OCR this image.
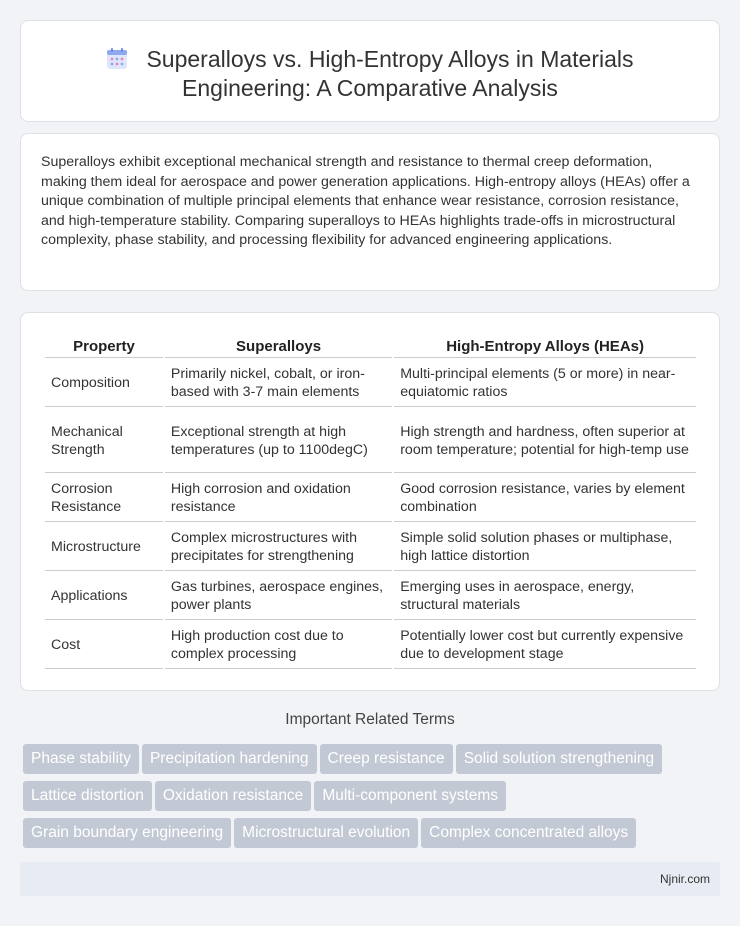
Superalloys vs. High-Entropy Alloys in Materials
Engineering: A Comparative Analysis

Superalloys exhibit exceptional mechanical strength and resistance to thermal creep deformation, making them ideal for aerospace and power generation applications. High-entropy alloys (HEAs) offer a unique combination of multiple principal elements that enhance wear resistance, corrosion resistance, and high-temperature stability. Comparing superalloys to HEAs highlights trade-offs in microstructural complexity, phase stability, and processing flexibility for advanced engineering applications.

Property	Superalloys	High-Entropy Alloys (HEAs)
Composition	Primarily nickel, cobalt, or iron-based with 3-7 main elements	Multi-principal elements (5 or more) in near-equiatomic ratios
Mechanical Strength	Exceptional strength at high temperatures (up to 1100degC)	High strength and hardness, often superior at room temperature; potential for high-temp use
Corrosion Resistance	High corrosion and oxidation resistance	Good corrosion resistance, varies by element combination
Microstructure	Complex microstructures with precipitates for strengthening	Simple solid solution phases or multiphase, high lattice distortion
Applications	Gas turbines, aerospace engines, power plants	Emerging uses in aerospace, energy, structural materials
Cost	High production cost due to complex processing	Potentially lower cost but currently expensive due to development stage
Important Related Terms
Phase stability Precipitation hardening Creep resistance Solid solution strengthening
Lattice distortion Oxidation resistance Multi-component systems
Grain boundary engineering Microstructural evolution Complex concentrated alloys
Njnir.com
